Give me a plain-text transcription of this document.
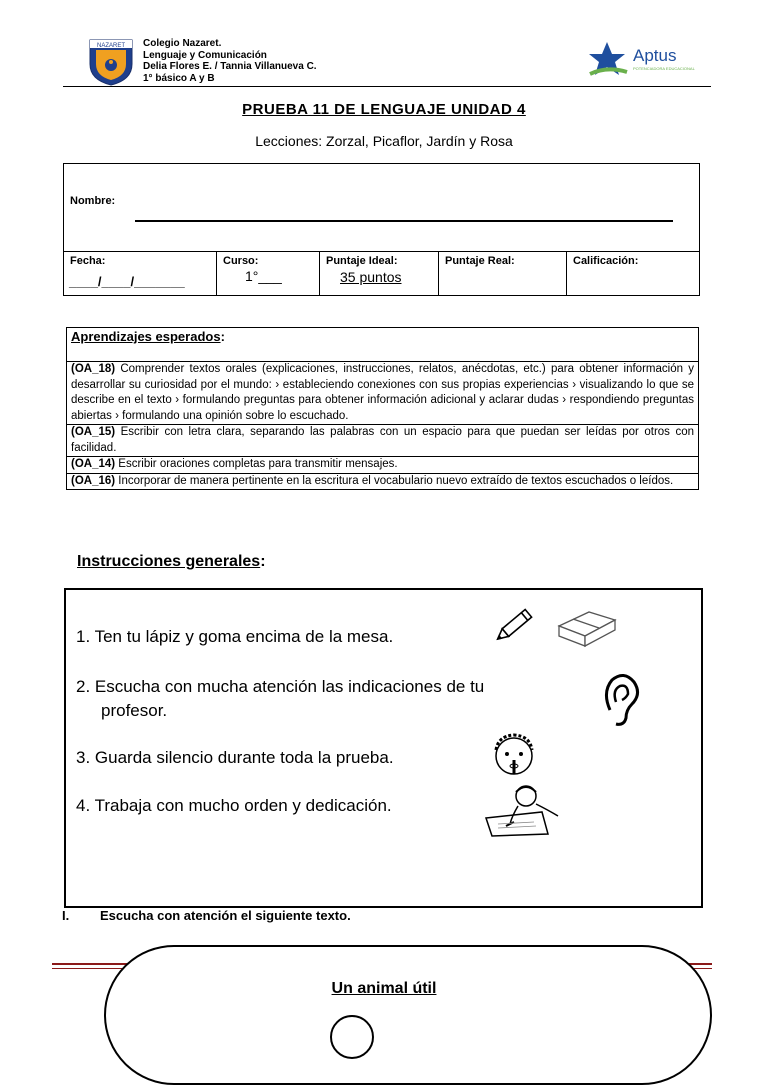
NAZARET Colegio Nazaret.
Lenguaje y Comunicación
Delia Flores E. / Tannia Villanueva C.
1° básico A y B
Aptus
POTENCIADORA EDUCACIONAL
PRUEBA 11 DE LENGUAJE UNIDAD 4
Lecciones: Zorzal, Picaflor, Jardín y Rosa
Nombre:
Fecha:
____/____/_______
Curso:
1°___
Puntaje Ideal:
35 puntos
Puntaje Real:	Calificación:
Aprendizajes esperados:
(OA_18) Comprender textos orales (explicaciones, instrucciones, relatos, anécdotas, etc.) para obtener información y desarrollar su curiosidad por el mundo: › estableciendo conexiones con sus propias experiencias › visualizando lo que se describe en el texto › formulando preguntas para obtener información adicional y aclarar dudas › respondiendo preguntas abiertas › formulando una opinión sobre lo escuchado.
(OA_15) Escribir con letra clara, separando las palabras con un espacio para que puedan ser leídas por otros con facilidad.
(OA_14) Escribir oraciones completas para transmitir mensajes.
(OA_16) Incorporar de manera pertinente en la escritura el vocabulario nuevo extraído de textos escuchados o leídos.
Instrucciones generales:
1. Ten tu lápiz y goma encima de la mesa.
2. Escucha con mucha atención las indicaciones de tu
profesor.
3. Guarda silencio durante toda la prueba.
4. Trabaja con mucho orden y dedicación.
I. Escucha con atención el siguiente texto.
Un animal útil
